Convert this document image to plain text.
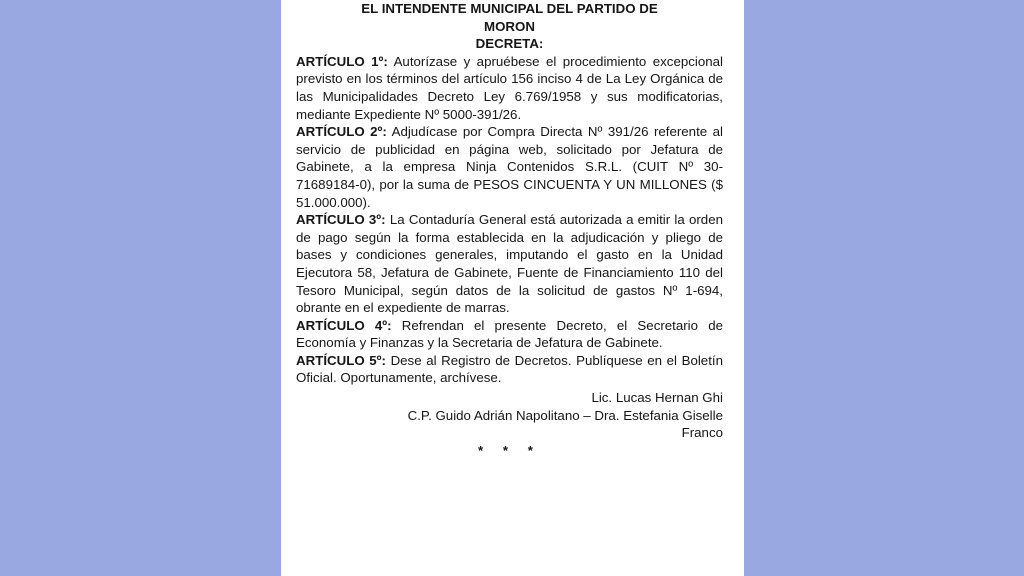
EL INTENDENTE MUNICIPAL DEL PARTIDO DE
MORON
DECRETA:

ARTÍCULO 1º: Autorízase y apruébese el procedimiento excepcional previsto en los términos del artículo 156 inciso 4 de La Ley Orgánica de las Municipalidades Decreto Ley 6.769/1958 y sus modificatorias, mediante Expediente Nº 5000-391/26.

ARTÍCULO 2º: Adjudícase por Compra Directa Nº 391/26 referente al servicio de publicidad en página web, solicitado por Jefatura de Gabinete, a la empresa Ninja Contenidos S.R.L. (CUIT Nº 30-71689184-0), por la suma de PESOS CINCUENTA Y UN MILLONES ($ 51.000.000).

ARTÍCULO 3º: La Contaduría General está autorizada a emitir la orden de pago según la forma establecida en la adjudicación y pliego de bases y condiciones generales, imputando el gasto en la Unidad Ejecutora 58, Jefatura de Gabinete, Fuente de Financiamiento 110 del Tesoro Municipal, según datos de la solicitud de gastos Nº 1-694, obrante en el expediente de marras.

ARTÍCULO 4º: Refrendan el presente Decreto, el Secretario de Economía y Finanzas y la Secretaria de Jefatura de Gabinete.

ARTÍCULO 5º: Dese al Registro de Decretos. Publíquese en el Boletín Oficial. Oportunamente, archívese.

Lic. Lucas Hernan Ghi

C.P. Guido Adrián Napolitano – Dra. Estefania Giselle

Franco

* * *
